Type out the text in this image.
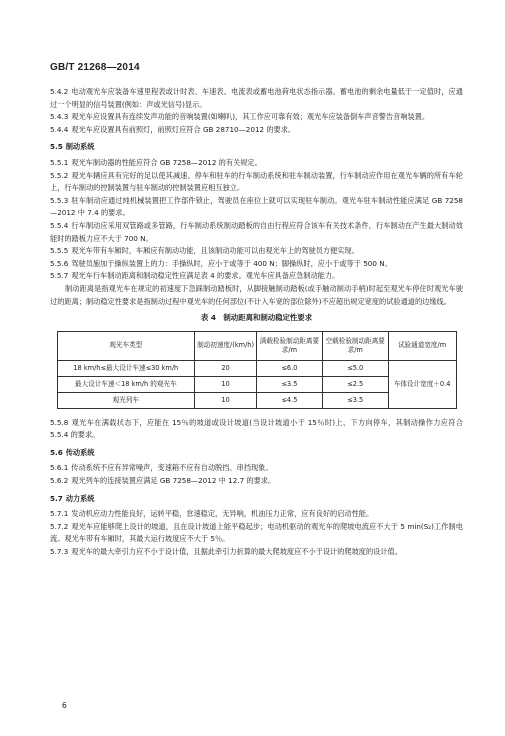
GB/T 21268—2014

5.4.2 电动观光车应装备车速里程表或计时表、车速表、电流表或蓄电池荷电状态指示器。蓄电池的剩余电量低于一定值时，应通过一个明显的信号装置(例如：声或光信号)显示。

5.4.3 观光车应设置具有连续发声功能的音响装置(如喇叭)，其工作应可靠有效；观光车应装备倒车声音警告音响装置。

5.4.4 观光车应设置具有前照灯，前照灯应符合 GB 28710—2012 的要求。

5.5 制动系统

5.5.1 观光车制动器的性能应符合 GB 7258—2012 的有关规定。

5.5.2 观光车辆应具有完好的足以使其减速、停车和驻车的行车制动系统和驻车制动装置，行车制动应作用在观光车辆的所有车轮上，行车制动的控制装置与驻车制动的控制装置应相互独立。

5.5.3 驻车制动应通过纯机械装置把工作部件锁止，驾驶员在座位上就可以实现驻车制动。观光车驻车制动性能应满足 GB 7258—2012 中 7.4 的要求。

5.5.4 行车制动应采用双管路或多管路，行车制动系统制动踏板的自由行程应符合该车有关技术条件，行车制动在产生最大制动效能时的踏板力应不大于 700 N。

5.5.5 观光车带有车厢时，车厢应有制动功能，且该制动功能可以由观光车上的驾驶员方便实现。

5.5.6 驾驶员施加于操纵装置上的力：手操纵时，应小于或等于 400 N；脚操纵时，应小于或等于 500 N。

5.5.7 观光车行车制动距离和制动稳定性应满足表 4 的要求。观光车应具备应急制动能力。

制动距离是指观光车在规定的初速度下急踩制动踏板时，从脚接触制动踏板(或手触动制动手柄)时起至观光车停住时观光车驶过的距离；制动稳定性要求是指制动过程中观光车的任何部位(不计入车宽的部位除外)不应超出规定宽度的试验通道的边缘线。

表 4　制动距离和制动稳定性要求

观光车类型	制动初速度/(km/h)	满载检验制动距离要求/m	空载检验制动距离要求/m	试验通道宽度/m
18 km/h≤最大设计车速≤30 km/h	20	≤6.0	≤5.0	车体设计宽度＋0.4
最大设计车速＜18 km/h 的观光车	10	≤3.5	≤2.5	
观光列车	10	≤4.5	≤3.5	

5.5.8 观光车在满载状态下，应能在 15％的坡道或设计坡道(当设计坡道小于 15％时)上、下方向停车，其制动操作力应符合 5.5.4 的要求。

5.6 传动系统

5.6.1 传动系统不应有异常噪声，变速箱不应有自动脱挡、串挡现象。

5.6.2 观光列车的连接装置应满足 GB 7258—2012 中 12.7 的要求。

5.7 动力系统

5.7.1 发动机应动力性能良好，运转平稳，怠速稳定，无异响，机油压力正常，应有良好的启动性能。

5.7.2 观光车应能够爬上设计的坡道，且在设计坡道上能平稳起步；电动机驱动的观光车的爬坡电流应不大于 5 min(S₂)工作制电流。观光车带有车厢时，其最大运行坡度应不大于 5％。

5.7.3 观光车的最大牵引力应不小于设计值，且据此牵引力折算的最大爬坡度应不小于设计的爬坡度的设计值。

6
